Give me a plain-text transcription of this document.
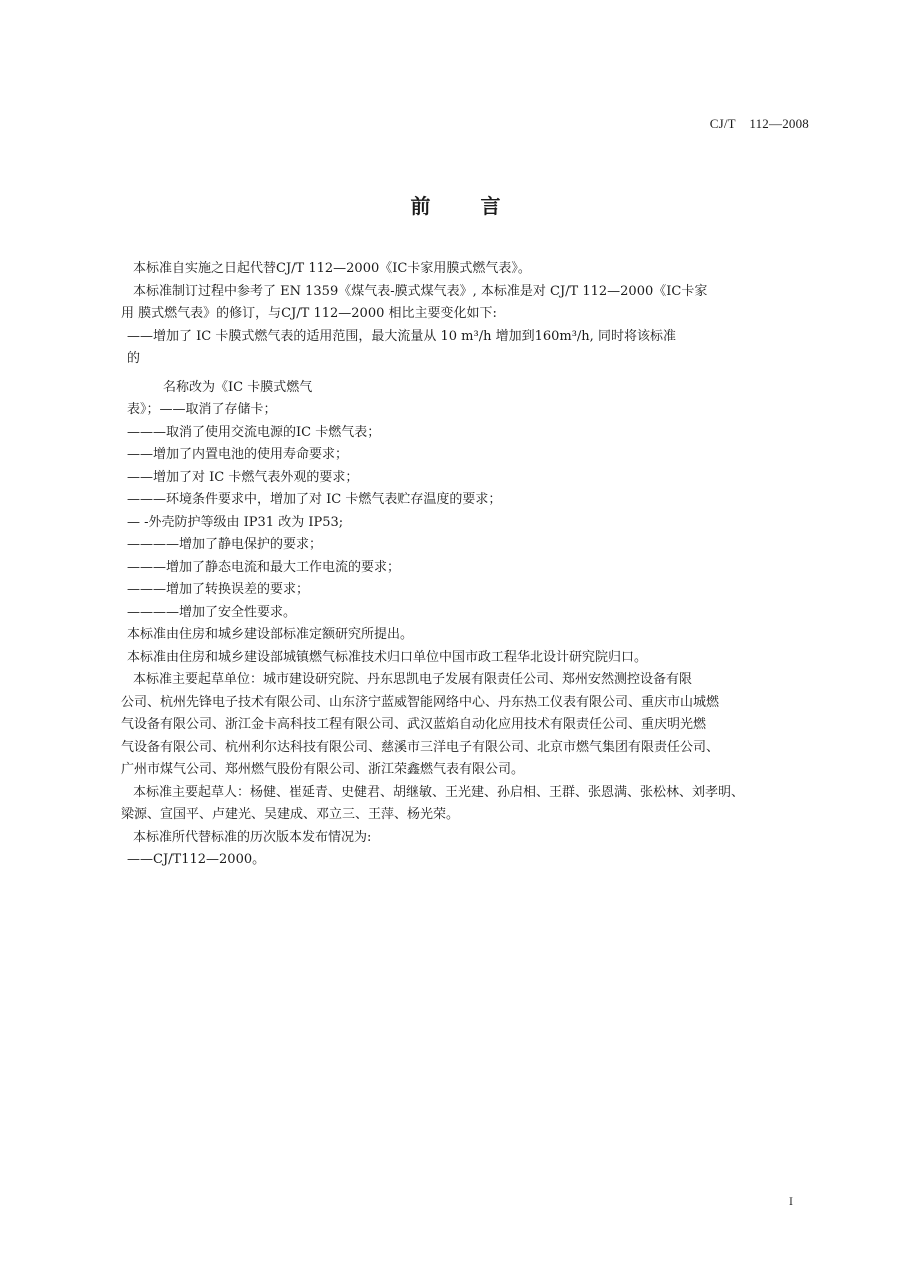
CJ/T    112—2008
前	言

本标准自实施之日起代替CJ/T 112—2000《IC卡家用膜式燃气表》。

本标准制订过程中参考了 EN 1359《煤气表-膜式煤气表》, 本标准是对 CJ/T 112—2000《IC卡家

用 膜式燃气表》的修订，与CJ/T 112—2000 相比主要变化如下:

——增加了 IC 卡膜式燃气表的适用范围，最大流量从 10 m³/h 增加到160m³/h, 同时将该标准

的

名称改为《IC 卡膜式燃气

表》；——取消了存储卡；

———取消了使用交流电源的IC 卡燃气表；

——增加了内置电池的使用寿命要求；

——增加了对 IC 卡燃气表外观的要求；

———环境条件要求中，增加了对 IC 卡燃气表贮存温度的要求；

— -外壳防护等级由 IP31 改为 IP53;

————增加了静电保护的要求；

———增加了静态电流和最大工作电流的要求；

———增加了转换误差的要求；

————增加了安全性要求。

本标准由住房和城乡建设部标准定额研究所提出。

本标准由住房和城乡建设部城镇燃气标准技术归口单位中国市政工程华北设计研究院归口。

本标准主要起草单位：城市建设研究院、丹东思凯电子发展有限责任公司、郑州安然测控设备有限

公司、杭州先锋电子技术有限公司、山东济宁蓝威智能网络中心、丹东热工仪表有限公司、重庆市山城燃

气设备有限公司、浙江金卡高科技工程有限公司、武汉蓝焰自动化应用技术有限责任公司、重庆明光燃

气设备有限公司、杭州利尔达科技有限公司、慈溪市三洋电子有限公司、北京市燃气集团有限责任公司、

广州市煤气公司、郑州燃气股份有限公司、浙江荣鑫燃气表有限公司。

本标准主要起草人：杨健、崔延青、史健君、胡继敏、王光建、孙启相、王群、张恩满、张松林、刘孝明、

梁源、宣国平、卢建光、吴建成、邓立三、王萍、杨光荣。

本标准所代替标准的历次版本发布情况为:

——CJ/T112—2000。

I
